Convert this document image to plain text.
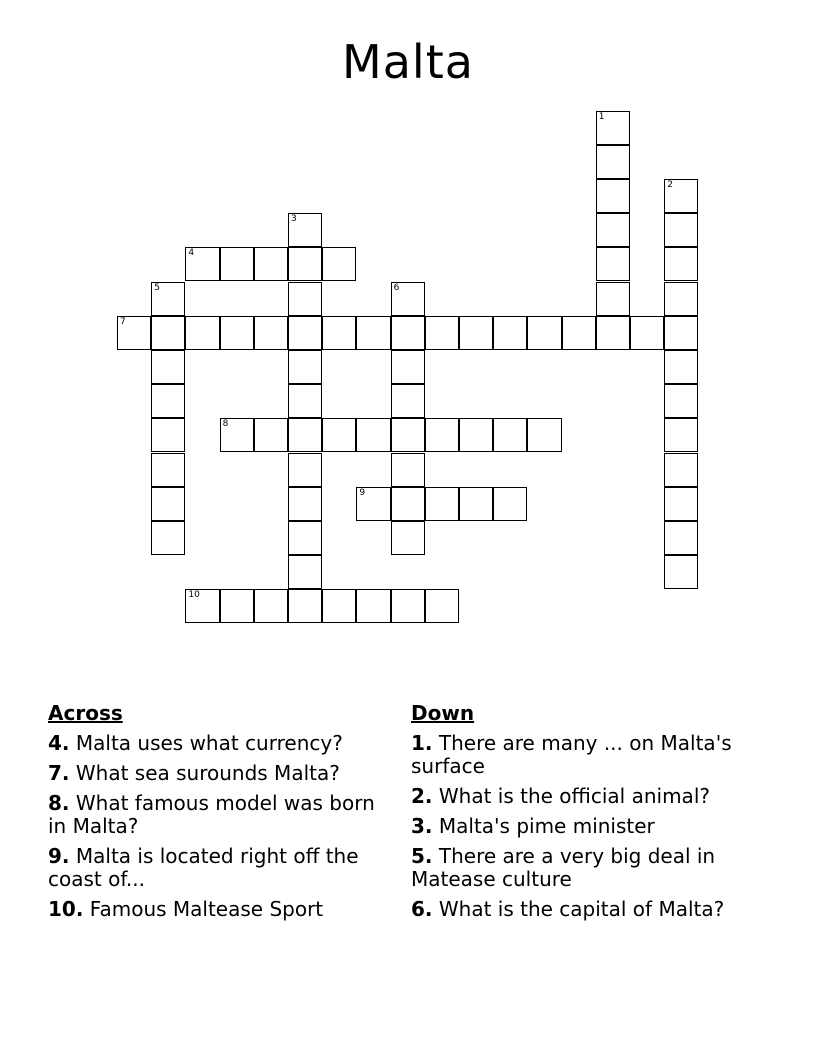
Malta
1
2
3
4
5	6
7
8
9
10
Across
4. Malta uses what currency?
7. What sea surounds Malta?
8. What famous model was born in Malta?
9. Malta is located right off the coast of...
10. Famous Maltease Sport
Down
1. There are many ... on Malta's surface
2. What is the official animal?
3. Malta's pime minister
5. There are a very big deal in Matease culture
6. What is the capital of Malta?
